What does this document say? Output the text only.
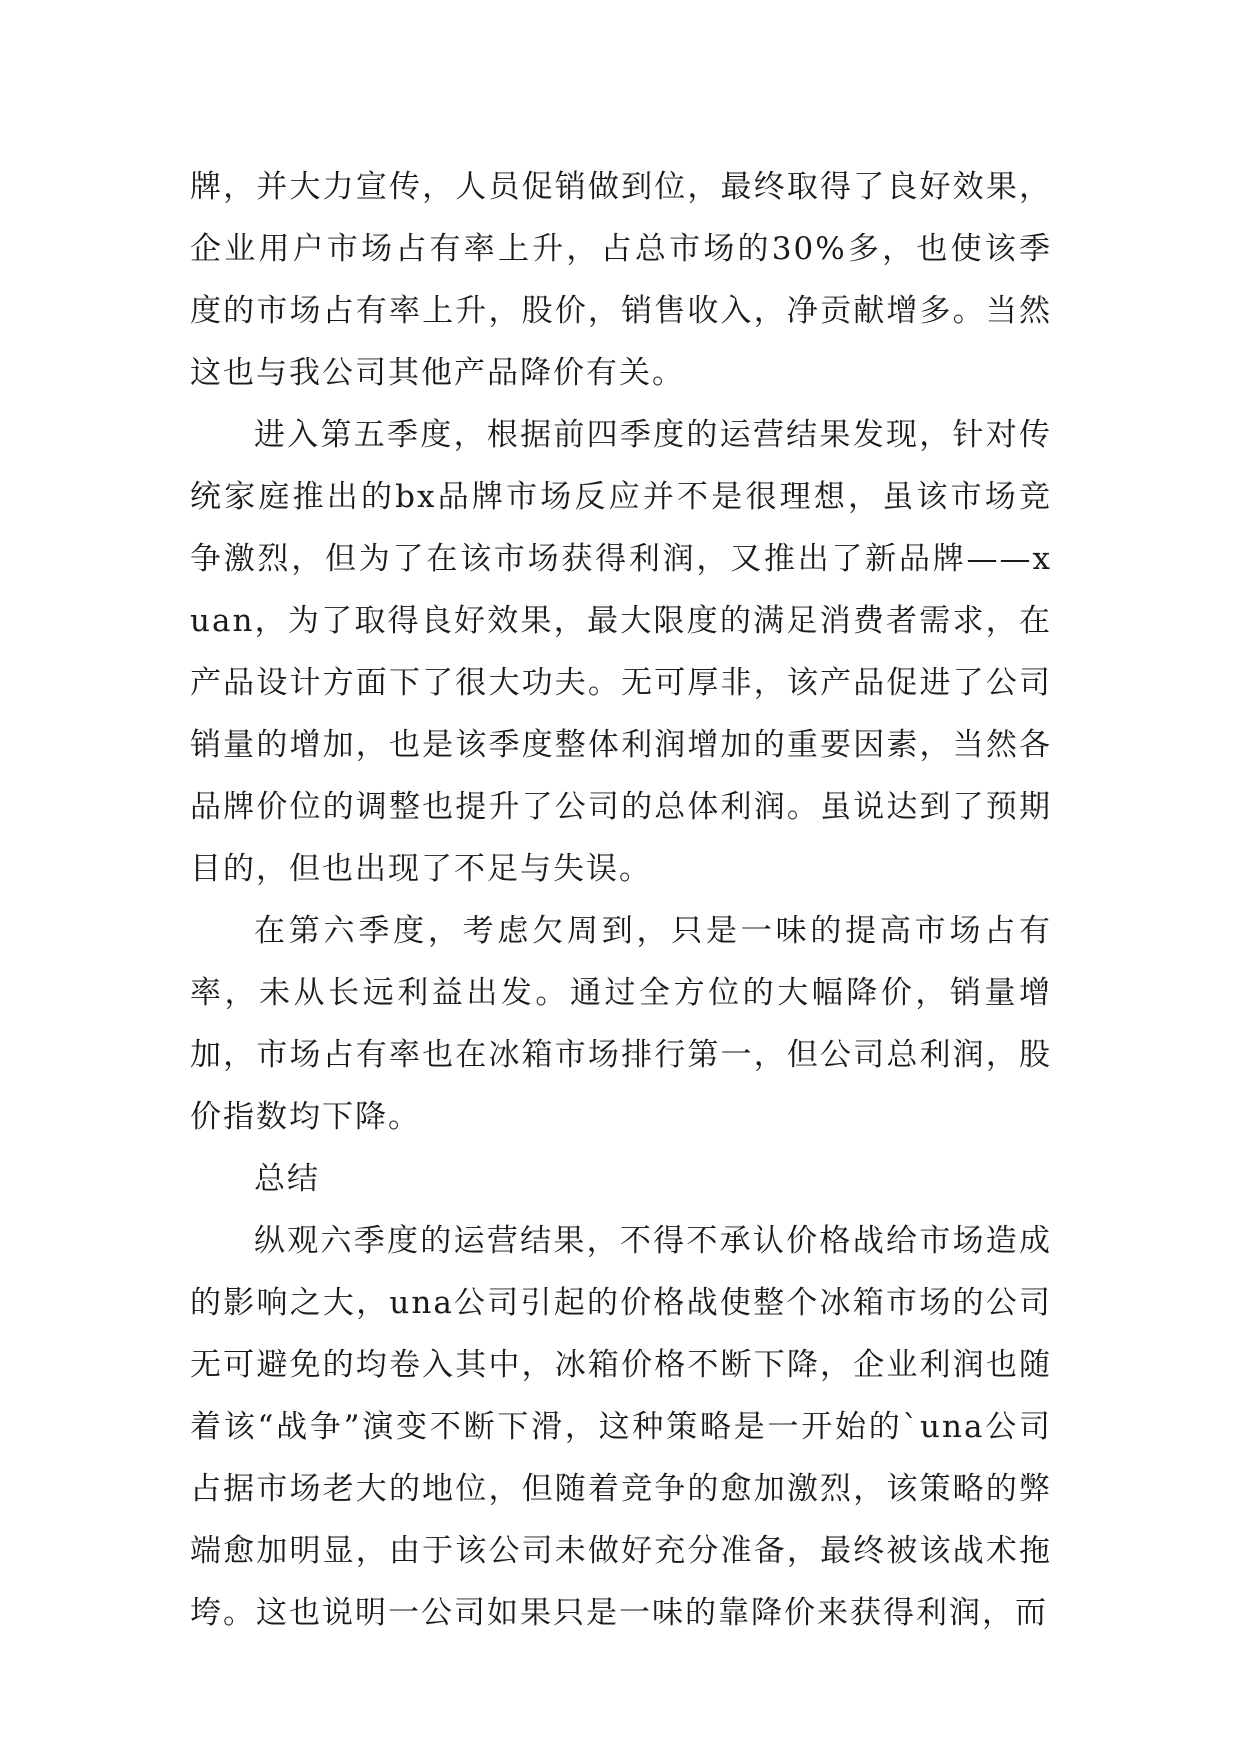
牌，并大力宣传，人员促销做到位，最终取得了良好效果，企业用户市场占有率上升，占总市场的30%多，也使该季度的市场占有率上升，股价，销售收入，净贡献增多。当然这也与我公司其他产品降价有关。

进入第五季度，根据前四季度的运营结果发现，针对传统家庭推出的bx品牌市场反应并不是很理想，虽该市场竞争激烈，但为了在该市场获得利润，又推出了新品牌——xuan，为了取得良好效果，最大限度的满足消费者需求，在产品设计方面下了很大功夫。无可厚非，该产品促进了公司销量的增加，也是该季度整体利润增加的重要因素，当然各品牌价位的调整也提升了公司的总体利润。虽说达到了预期目的，但也出现了不足与失误。

在第六季度，考虑欠周到，只是一味的提高市场占有率，未从长远利益出发。通过全方位的大幅降价，销量增加，市场占有率也在冰箱市场排行第一，但公司总利润，股价指数均下降。

总结

纵观六季度的运营结果，不得不承认价格战给市场造成的影响之大，una公司引起的价格战使整个冰箱市场的公司无可避免的均卷入其中，冰箱价格不断下降，企业利润也随着该“战争”演变不断下滑，这种策略是一开始的`una公司占据市场老大的地位，但随着竞争的愈加激烈，该策略的弊端愈加明显，由于该公司未做好充分准备，最终被该战术拖垮。这也说明一公司如果只是一味的靠降价来获得利润，而
